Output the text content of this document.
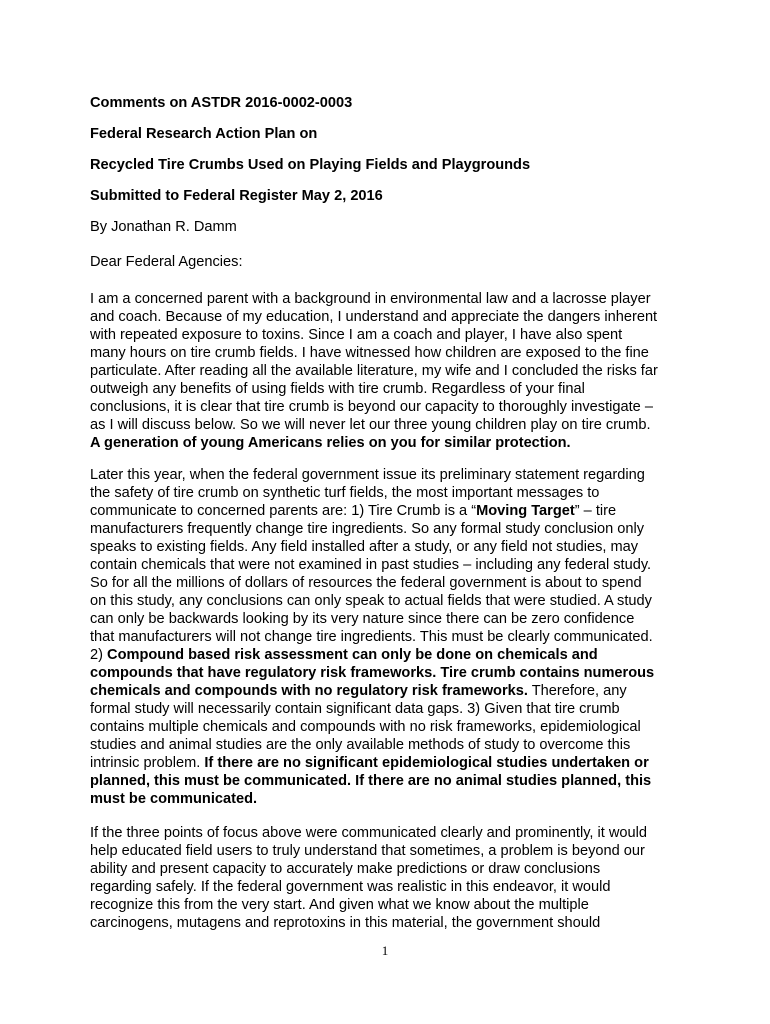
Comments on ASTDR 2016-0002-0003
Federal Research Action Plan on
Recycled Tire Crumbs Used on Playing Fields and Playgrounds
Submitted to Federal Register May 2, 2016
By Jonathan R. Damm
Dear Federal Agencies:
I am a concerned parent with a background in environmental law and a lacrosse player
and coach. Because of my education, I understand and appreciate the dangers inherent
with repeated exposure to toxins. Since I am a coach and player, I have also spent
many hours on tire crumb fields. I have witnessed how children are exposed to the fine
particulate. After reading all the available literature, my wife and I concluded the risks far
outweigh any benefits of using fields with tire crumb. Regardless of your final
conclusions, it is clear that tire crumb is beyond our capacity to thoroughly investigate –
as I will discuss below. So we will never let our three young children play on tire crumb.
A generation of young Americans relies on you for similar protection.
Later this year, when the federal government issue its preliminary statement regarding
the safety of tire crumb on synthetic turf fields, the most important messages to
communicate to concerned parents are: 1) Tire Crumb is a “Moving Target” – tire
manufacturers frequently change tire ingredients. So any formal study conclusion only
speaks to existing fields. Any field installed after a study, or any field not studies, may
contain chemicals that were not examined in past studies – including any federal study.
So for all the millions of dollars of resources the federal government is about to spend
on this study, any conclusions can only speak to actual fields that were studied. A study
can only be backwards looking by its very nature since there can be zero confidence
that manufacturers will not change tire ingredients. This must be clearly communicated.
2) Compound based risk assessment can only be done on chemicals and
compounds that have regulatory risk frameworks. Tire crumb contains numerous
chemicals and compounds with no regulatory risk frameworks. Therefore, any
formal study will necessarily contain significant data gaps. 3) Given that tire crumb
contains multiple chemicals and compounds with no risk frameworks, epidemiological
studies and animal studies are the only available methods of study to overcome this
intrinsic problem. If there are no significant epidemiological studies undertaken or
planned, this must be communicated. If there are no animal studies planned, this
must be communicated.
If the three points of focus above were communicated clearly and prominently, it would
help educated field users to truly understand that sometimes, a problem is beyond our
ability and present capacity to accurately make predictions or draw conclusions
regarding safely. If the federal government was realistic in this endeavor, it would
recognize this from the very start. And given what we know about the multiple
carcinogens, mutagens and reprotoxins in this material, the government should
1
